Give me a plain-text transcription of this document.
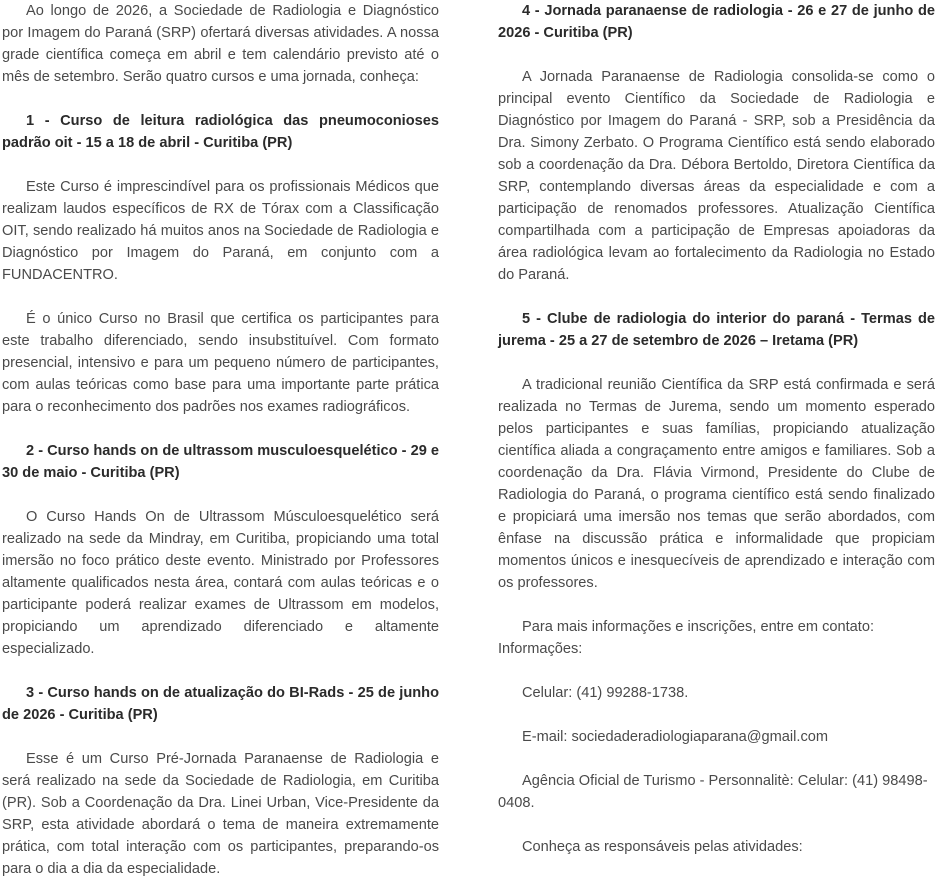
Ao longo de 2026, a Sociedade de Radiologia e Diagnóstico por Imagem do Paraná (SRP) ofertará diversas atividades. A nossa grade científica começa em abril e tem calendário previsto até o mês de setembro. Serão quatro cursos e uma jornada, conheça:

1 - Curso de leitura radiológica das pneumoconioses padrão oit - 15 a 18 de abril - Curitiba (PR)

Este Curso é imprescindível para os profissionais Médicos que realizam laudos específicos de RX de Tórax com a Classificação OIT, sendo realizado há muitos anos na Sociedade de Radiologia e Diagnóstico por Imagem do Paraná, em conjunto com a FUNDACENTRO.

É o único Curso no Brasil que certifica os participantes para este trabalho diferenciado, sendo insubstituível. Com formato presencial, intensivo e para um pequeno número de participantes, com aulas teóricas como base para uma importante parte prática para o reconhecimento dos padrões nos exames radiográficos.

2 - Curso hands on de ultrassom musculoesquelético - 29 e 30 de maio - Curitiba (PR)

O Curso Hands On de Ultrassom Músculoesquelético será realizado na sede da Mindray, em Curitiba, propiciando uma total imersão no foco prático deste evento. Ministrado por Professores altamente qualificados nesta área, contará com aulas teóricas e o participante poderá realizar exames de Ultrassom em modelos, propiciando um aprendizado diferenciado e altamente especializado.

3 - Curso hands on de atualização do BI-Rads - 25 de junho de 2026 - Curitiba (PR)

Esse é um Curso Pré-Jornada Paranaense de Radiologia e será realizado na sede da Sociedade de Radiologia, em Curitiba (PR). Sob a Coordenação da Dra. Linei Urban, Vice-Presidente da SRP, esta atividade abordará o tema de maneira extremamente prática, com total interação com os participantes, preparando-os para o dia a dia da especialidade.

4 - Jornada paranaense de radiologia - 26 e 27 de junho de 2026 - Curitiba (PR)

A Jornada Paranaense de Radiologia consolida-se como o principal evento Científico da Sociedade de Radiologia e Diagnóstico por Imagem do Paraná - SRP, sob a Presidência da Dra. Simony Zerbato. O Programa Científico está sendo elaborado sob a coordenação da Dra. Débora Bertoldo, Diretora Científica da SRP, contemplando diversas áreas da especialidade e com a participação de renomados professores. Atualização Científica compartilhada com a participação de Empresas apoiadoras da área radiológica levam ao fortalecimento da Radiologia no Estado do Paraná.

5 - Clube de radiologia do interior do paraná - Termas de jurema - 25 a 27 de setembro de 2026 – Iretama (PR)

A tradicional reunião Científica da SRP está confirmada e será realizada no Termas de Jurema, sendo um momento esperado pelos participantes e suas famílias, propiciando atualização científica aliada a congraçamento entre amigos e familiares. Sob a coordenação da Dra. Flávia Virmond, Presidente do Clube de Radiologia do Paraná, o programa científico está sendo finalizado e propiciará uma imersão nos temas que serão abordados, com ênfase na discussão prática e informalidade que propiciam momentos únicos e inesquecíveis de aprendizado e interação com os professores.

Para mais informações e inscrições, entre em contato: Informações:

Celular: (41) 99288-1738.

E-mail: sociedaderadiologiaparana@gmail.com

Agência Oficial de Turismo - Personnalitè: Celular: (41) 98498-0408.

Conheça as responsáveis pelas atividades:
